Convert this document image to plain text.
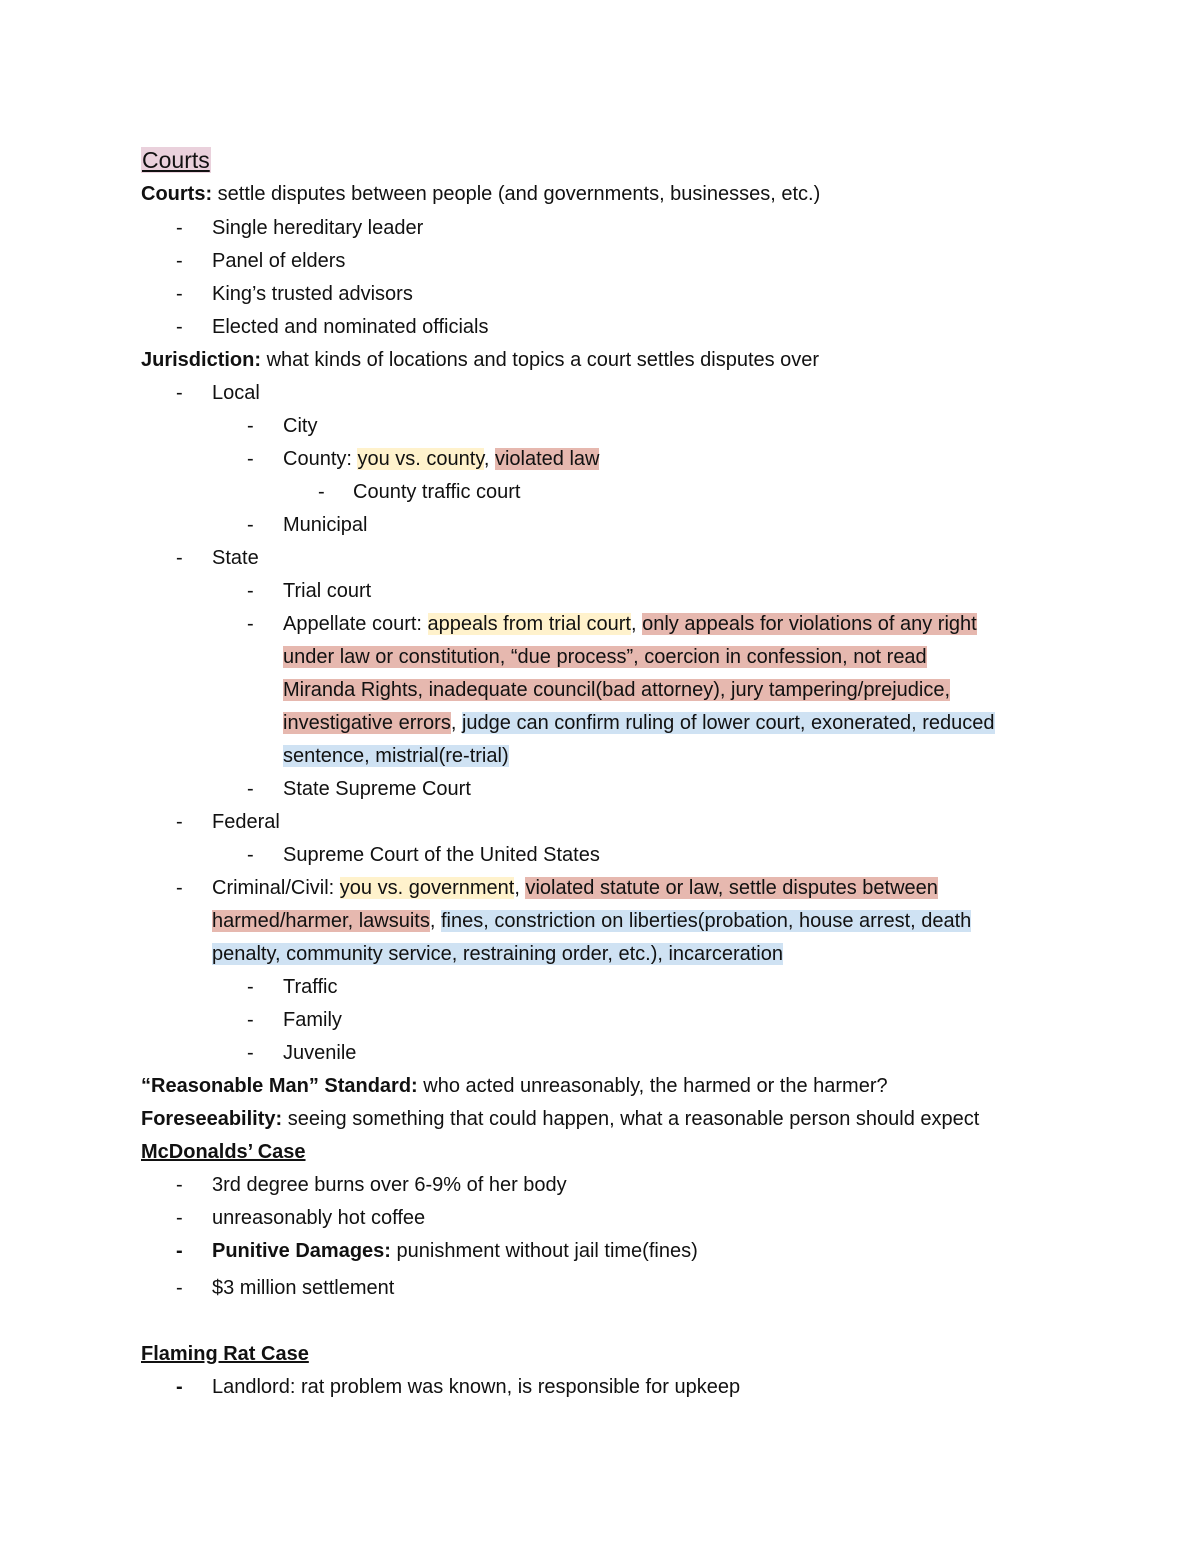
Courts
Courts: settle disputes between people (and governments, businesses, etc.)
- Single hereditary leader
- Panel of elders
- King’s trusted advisors
- Elected and nominated officials
Jurisdiction: what kinds of locations and topics a court settles disputes over
- Local
- City
- County: you vs. county, violated law
- County traffic court
- Municipal
- State
- Trial court
- Appellate court: appeals from trial court, only appeals for violations of any right
under law or constitution, “due process”, coercion in confession, not read
Miranda Rights, inadequate council(bad attorney), jury tampering/prejudice,
investigative errors, judge can confirm ruling of lower court, exonerated, reduced
sentence, mistrial(re-trial)
- State Supreme Court
- Federal
- Supreme Court of the United States
- Criminal/Civil: you vs. government, violated statute or law, settle disputes between
harmed/harmer, lawsuits, fines, constriction on liberties(probation, house arrest, death
penalty, community service, restraining order, etc.), incarceration
- Traffic
- Family
- Juvenile
“Reasonable Man” Standard: who acted unreasonably, the harmed or the harmer?
Foreseeability: seeing something that could happen, what a reasonable person should expect
McDonalds’ Case
- 3rd degree burns over 6-9% of her body
- unreasonably hot coffee
- Punitive Damages: punishment without jail time(fines)
- $3 million settlement
Flaming Rat Case
- Landlord: rat problem was known, is responsible for upkeep
